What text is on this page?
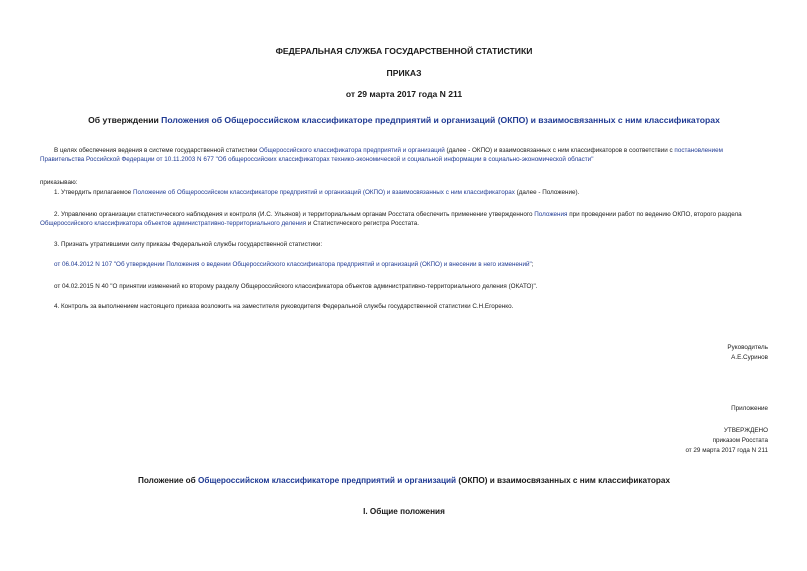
ФЕДЕРАЛЬНАЯ СЛУЖБА ГОСУДАРСТВЕННОЙ СТАТИСТИКИ
ПРИКАЗ
от 29 марта 2017 года N 211
Об утверждении Положения об Общероссийском классификаторе предприятий и организаций (ОКПО) и взаимосвязанных с ним классификаторах
В целях обеспечения ведения в системе государственной статистики Общероссийского классификатора предприятий и организаций (далее - ОКПО) и взаимосвязанных с ним классификаторов в соответствии с постановлением Правительства Российской Федерации от 10.11.2003 N 677 "Об общероссийских классификаторах технико-экономической и социальной информации в социально-экономической области"
приказываю:
1. Утвердить прилагаемое Положение об Общероссийском классификаторе предприятий и организаций (ОКПО) и взаимосвязанных с ним классификаторах (далее - Положение).
2. Управлению организации статистического наблюдения и контроля (И.С. Ульянов) и территориальным органам Росстата обеспечить применение утвержденного Положения при проведении работ по ведению ОКПО, второго раздела Общероссийского классификатора объектов административно-территориального деления и Статистического регистра Росстата.
3. Признать утратившими силу приказы Федеральной службы государственной статистики:
от 06.04.2012 N 107 "Об утверждении Положения о ведении Общероссийского классификатора предприятий и организаций (ОКПО) и внесении в него изменений";
от 04.02.2015 N 40 "О принятии изменений ко второму разделу Общероссийского классификатора объектов административно-территориального деления (ОКАТО)".
4. Контроль за выполнением настоящего приказа возложить на заместителя руководителя Федеральной службы государственной статистики С.Н.Егоренко.
Руководитель
А.Е.Суринов
Приложение
УТВЕРЖДЕНО
приказом Росстата
от 29 марта 2017 года N 211
Положение об Общероссийском классификаторе предприятий и организаций (ОКПО) и взаимосвязанных с ним классификаторах
I. Общие положения
